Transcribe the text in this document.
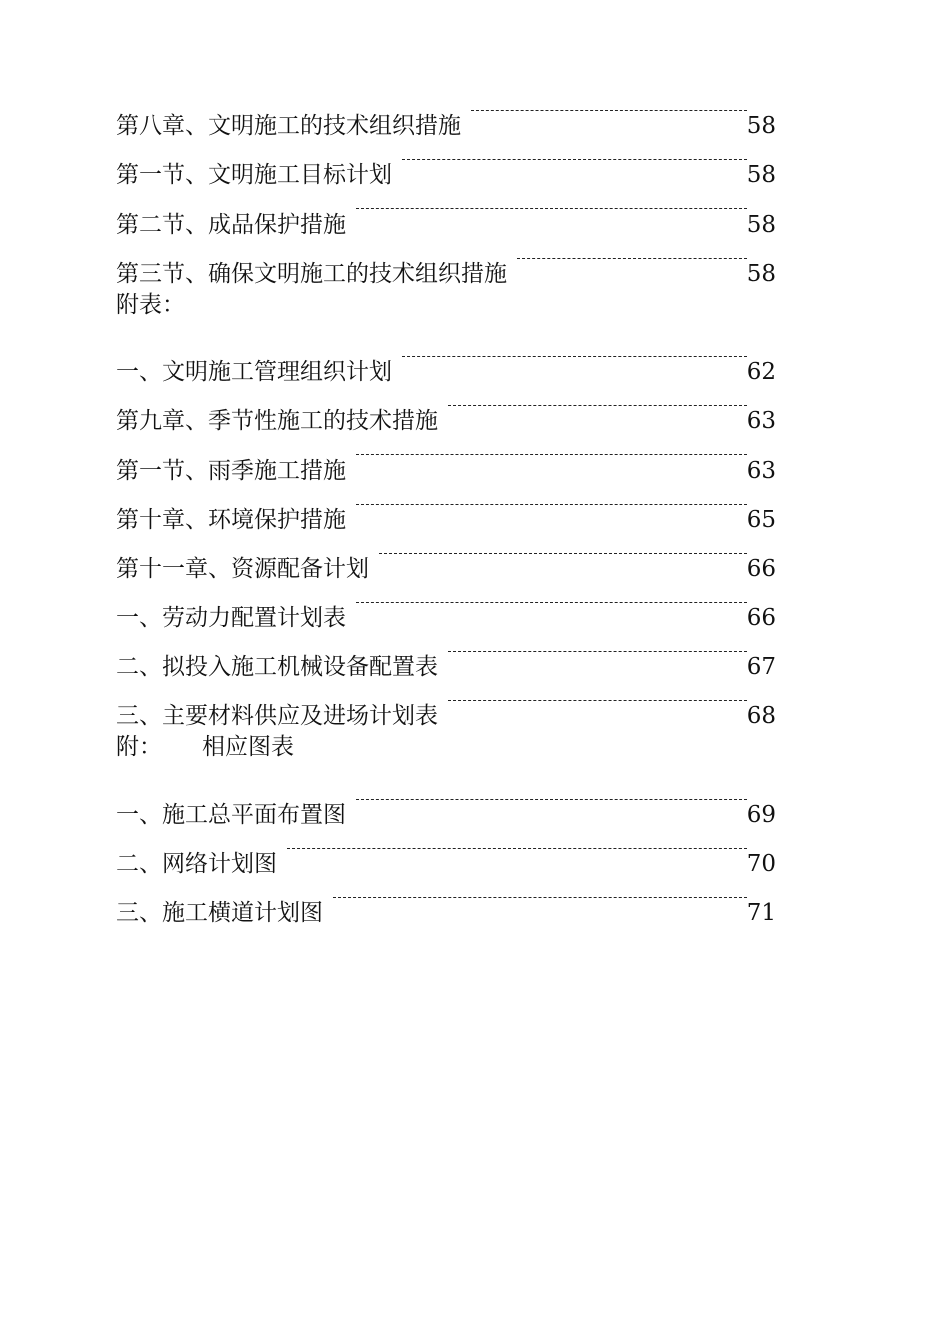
第八章、文明施工的技术组织措施	58
第一节、文明施工目标计划	58
第二节、成品保护措施	58
第三节、确保文明施工的技术组织措施	58
附表：
一、文明施工管理组织计划	62
第九章、季节性施工的技术措施	63
第一节、雨季施工措施	63
第十章、环境保护措施	65
第十一章、资源配备计划	66
一、劳动力配置计划表	66
二、拟投入施工机械设备配置表	67
三、主要材料供应及进场计划表	68
附： 相应图表
一、施工总平面布置图	69
二、网络计划图	70
三、施工横道计划图	71
